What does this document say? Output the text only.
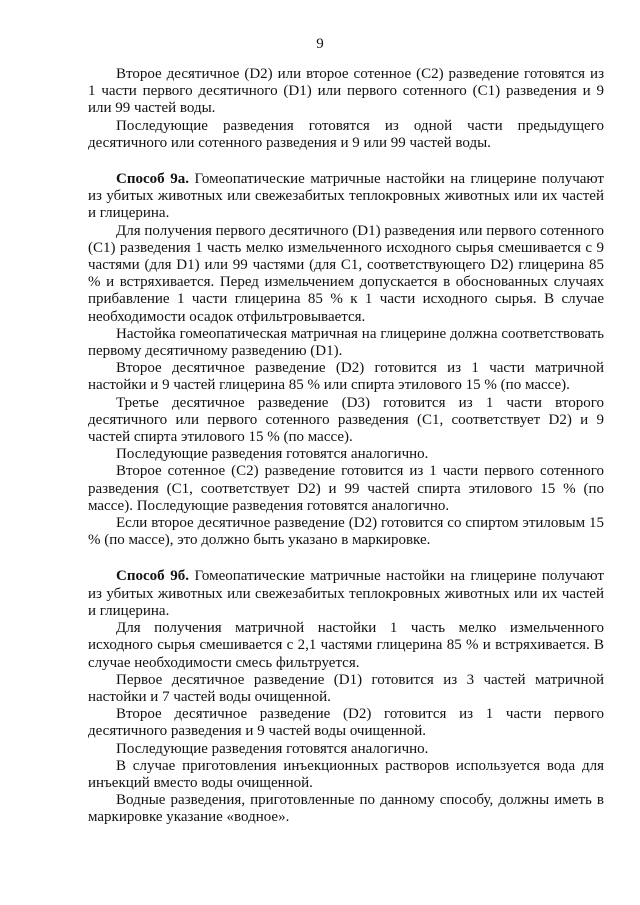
9

Второе десятичное (D2) или второе сотенное (C2) разведение готовятся из 1 части первого десятичного (D1) или первого сотенного (C1) разведения и 9 или 99 частей воды.

Последующие разведения готовятся из одной части предыдущего десятичного или сотенного разведения и 9 или 99 частей воды.

Способ 9а. Гомеопатические матричные настойки на глицерине получают из убитых животных или свежезабитых теплокровных животных или их частей и глицерина.

Для получения первого десятичного (D1) разведения или первого сотенного (C1) разведения 1 часть мелко измельченного исходного сырья смешивается с 9 частями (для D1) или 99 частями (для C1, соответствующего D2) глицерина 85 % и встряхивается. Перед измельчением допускается в обоснованных случаях прибавление 1 части глицерина 85 % к 1 части исходного сырья. В случае необходимости осадок отфильтровывается.

Настойка гомеопатическая матричная на глицерине должна соответствовать первому десятичному разведению (D1).

Второе десятичное разведение (D2) готовится из 1 части матричной настойки и 9 частей глицерина 85 % или спирта этилового 15 % (по массе).

Третье десятичное разведение (D3) готовится из 1 части второго десятичного или первого сотенного разведения (C1, соответствует D2) и 9 частей спирта этилового 15 % (по массе).

Последующие разведения готовятся аналогично.

Второе сотенное (C2) разведение готовится из 1 части первого сотенного разведения (C1, соответствует D2) и 99 частей спирта этилового 15 % (по массе). Последующие разведения готовятся аналогично.

Если второе десятичное разведение (D2) готовится со спиртом этиловым 15 % (по массе), это должно быть указано в маркировке.

Способ 9б. Гомеопатические матричные настойки на глицерине получают из убитых животных или свежезабитых теплокровных животных или их частей и глицерина.

Для получения матричной настойки 1 часть мелко измельченного исходного сырья смешивается с 2,1 частями глицерина 85 % и встряхивается. В случае необходимости смесь фильтруется.

Первое десятичное разведение (D1) готовится из 3 частей матричной настойки и 7 частей воды очищенной.

Второе десятичное разведение (D2) готовится из 1 части первого десятичного разведения и 9 частей воды очищенной.

Последующие разведения готовятся аналогично.

В случае приготовления инъекционных растворов используется вода для инъекций вместо воды очищенной.

Водные разведения, приготовленные по данному способу, должны иметь в маркировке указание «водное».
